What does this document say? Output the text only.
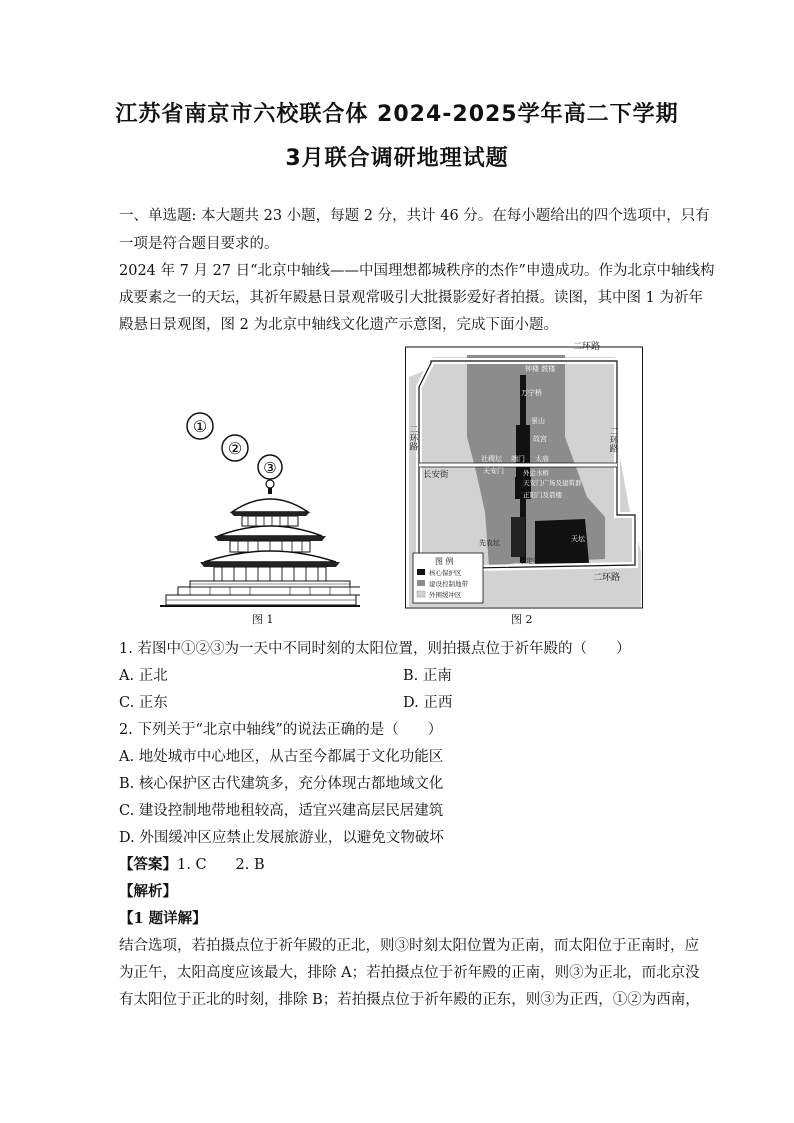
江苏省南京市六校联合体 2024-2025学年高二下学期
3月联合调研地理试题
一、单选题: 本大题共 23 小题，每题 2 分，共计 46 分。在每小题给出的四个选项中，只有
一项是符合题目要求的。
2024 年 7 月 27 日“北京中轴线——中国理想都城秩序的杰作”申遗成功。作为北京中轴线构
成要素之一的天坛，其祈年殿悬日景观常吸引大批摄影爱好者拍摄。读图，其中图 1 为祈年
殿悬日景观图，图 2 为北京中轴线文化遗产示意图，完成下面小题。
①
②
③
图 1
二环路
二环路
长安街
二环路	二环路
钟楼 鼓楼
万宁桥
景山
故宫
社稷坛	太庙
端门
天安门	外金水桥
天安门广场及建筑群
正阳门及箭楼
先农坛	天坛
永定门
图 例
核心保护区
建设控制地带
外围缓冲区
图 2
1. 若图中①②③为一天中不同时刻的太阳位置，则拍摄点位于祈年殿的（　　）
A. 正北	B. 正南
C. 正东	D. 正西
2. 下列关于“北京中轴线”的说法正确的是（　　）
A. 地处城市中心地区，从古至今都属于文化功能区
B. 核心保护区古代建筑多，充分体现古都地域文化
C. 建设控制地带地租较高，适宜兴建高层民居建筑
D. 外围缓冲区应禁止发展旅游业，以避免文物破坏
【答案】1. C　　2. B
【解析】
【1 题详解】
结合选项，若拍摄点位于祈年殿的正北，则③时刻太阳位置为正南，而太阳位于正南时，应
为正午，太阳高度应该最大，排除 A；若拍摄点位于祈年殿的正南，则③为正北，而北京没
有太阳位于正北的时刻，排除 B；若拍摄点位于祈年殿的正东，则③为正西，①②为西南，
